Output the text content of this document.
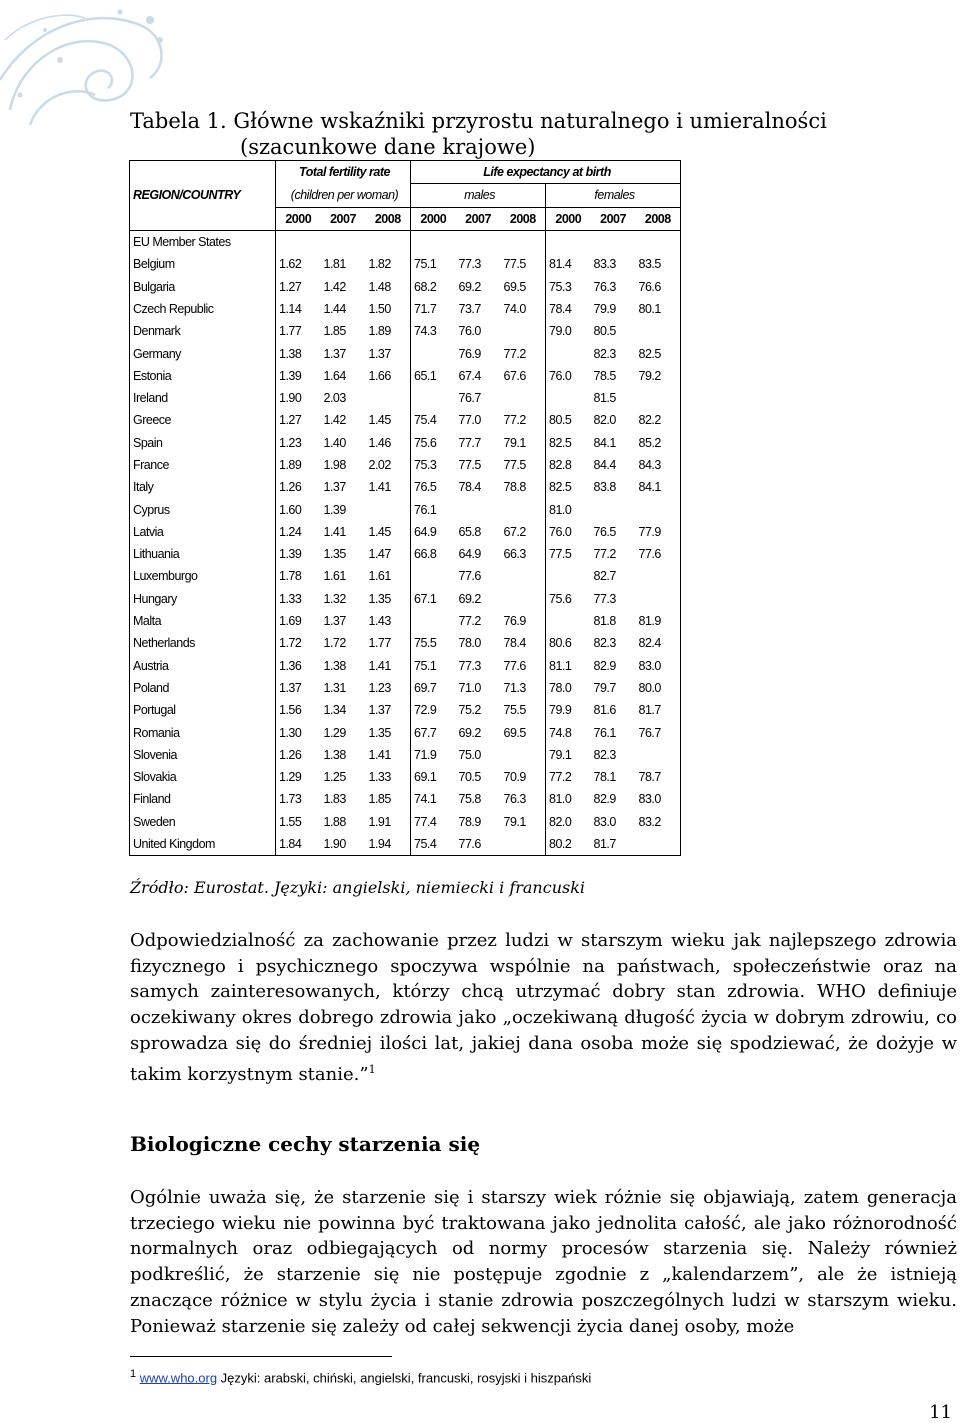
Tabela 1. Główne wskaźniki przyrostu naturalnego i umieralności
(szacunkowe dane krajowe)
	Total fertility rate			Life expectancy at birth					
REGION/COUNTRY	(children per woman)			males			females		
	2000	2007	2008	2000	2007	2008	2000	2007	2008
EU Member States									
Belgium	1.62	1.81	1.82	75.1	77.3	77.5	81.4	83.3	83.5
Bulgaria	1.27	1.42	1.48	68.2	69.2	69.5	75.3	76.3	76.6
Czech Republic	1.14	1.44	1.50	71.7	73.7	74.0	78.4	79.9	80.1
Denmark	1.77	1.85	1.89	74.3	76.0		79.0	80.5	
Germany	1.38	1.37	1.37		76.9	77.2		82.3	82.5
Estonia	1.39	1.64	1.66	65.1	67.4	67.6	76.0	78.5	79.2
Ireland	1.90	2.03			76.7			81.5	
Greece	1.27	1.42	1.45	75.4	77.0	77.2	80.5	82.0	82.2
Spain	1.23	1.40	1.46	75.6	77.7	79.1	82.5	84.1	85.2
France	1.89	1.98	2.02	75.3	77.5	77.5	82.8	84.4	84.3
Italy	1.26	1.37	1.41	76.5	78.4	78.8	82.5	83.8	84.1
Cyprus	1.60	1.39		76.1			81.0		
Latvia	1.24	1.41	1.45	64.9	65.8	67.2	76.0	76.5	77.9
Lithuania	1.39	1.35	1.47	66.8	64.9	66.3	77.5	77.2	77.6
Luxemburgo	1.78	1.61	1.61		77.6			82.7	
Hungary	1.33	1.32	1.35	67.1	69.2		75.6	77.3	
Malta	1.69	1.37	1.43		77.2	76.9		81.8	81.9
Netherlands	1.72	1.72	1.77	75.5	78.0	78.4	80.6	82.3	82.4
Austria	1.36	1.38	1.41	75.1	77.3	77.6	81.1	82.9	83.0
Poland	1.37	1.31	1.23	69.7	71.0	71.3	78.0	79.7	80.0
Portugal	1.56	1.34	1.37	72.9	75.2	75.5	79.9	81.6	81.7
Romania	1.30	1.29	1.35	67.7	69.2	69.5	74.8	76.1	76.7
Slovenia	1.26	1.38	1.41	71.9	75.0		79.1	82.3	
Slovakia	1.29	1.25	1.33	69.1	70.5	70.9	77.2	78.1	78.7
Finland	1.73	1.83	1.85	74.1	75.8	76.3	81.0	82.9	83.0
Sweden	1.55	1.88	1.91	77.4	78.9	79.1	82.0	83.0	83.2
United Kingdom	1.84	1.90	1.94	75.4	77.6		80.2	81.7	
Źródło: Eurostat. Języki: angielski, niemiecki i francuski
Odpowiedzialność za zachowanie przez ludzi w starszym wieku jak najlepszego zdrowia fizycznego i psychicznego spoczywa wspólnie na państwach, społeczeństwie oraz na samych zainteresowanych, którzy chcą utrzymać dobry stan zdrowia. WHO definiuje oczekiwany okres dobrego zdrowia jako „oczekiwaną długość życia w dobrym zdrowiu, co sprowadza się do średniej ilości lat, jakiej dana osoba może się spodziewać, że dożyje w takim korzystnym stanie.”$^1$
Biologiczne cechy starzenia się
Ogólnie uważa się, że starzenie się i starszy wiek różnie się objawiają, zatem generacja trzeciego wieku nie powinna być traktowana jako jednolita całość, ale jako różnorodność normalnych oraz odbiegających od normy procesów starzenia się. Należy również podkreślić, że starzenie się nie postępuje zgodnie z „kalendarzem”, ale że istnieją znaczące różnice w stylu życia i stanie zdrowia poszczególnych ludzi w starszym wieku. Ponieważ starzenie się zależy od całej sekwencji życia danej osoby, może
$^1$ www.who.org Języki: arabski, chiński, angielski, francuski, rosyjski i hiszpański
11
